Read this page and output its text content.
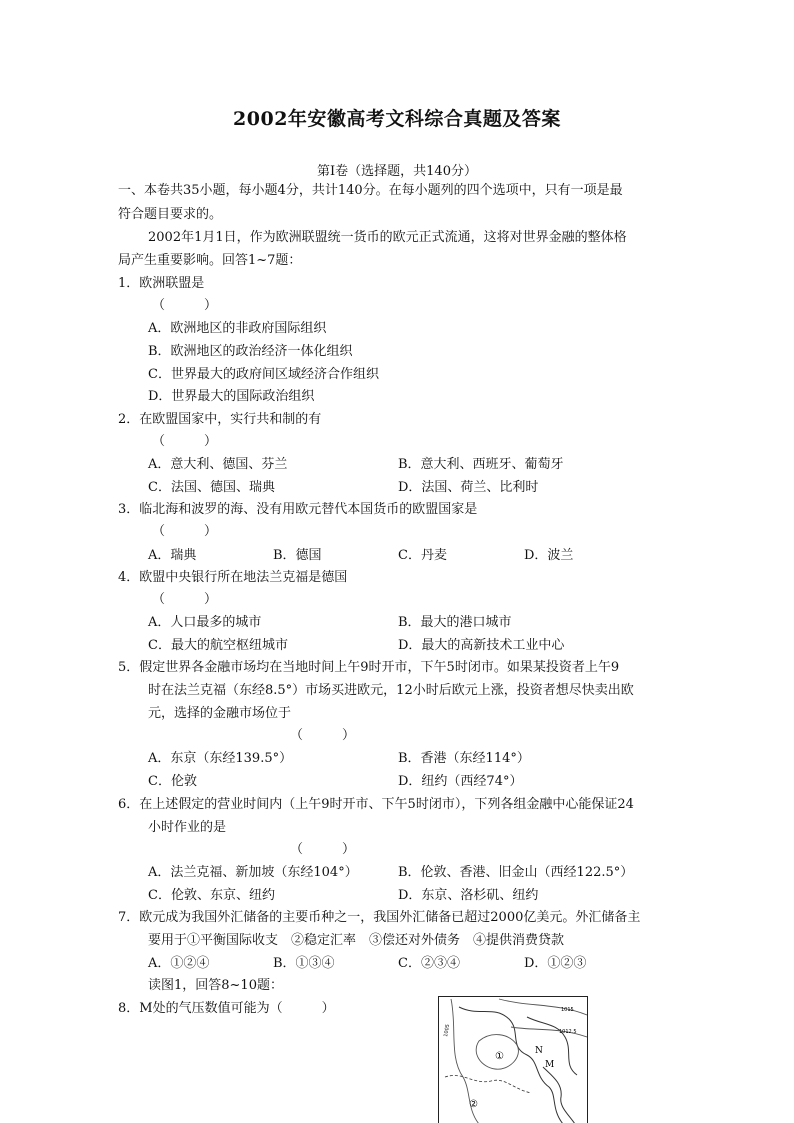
2002年安徽高考文科综合真题及答案
第Ⅰ卷（选择题，共140分）
一、本卷共35小题，每小题4分，共计140分。在每小题列的四个选项中，只有一项是最
符合题目要求的。
2002年1月1日，作为欧洲联盟统一货币的欧元正式流通，这将对世界金融的整体格
局产生重要影响。回答1~7题：
1．欧洲联盟是
（　　　）
A．欧洲地区的非政府国际组织
B．欧洲地区的政治经济一体化组织
C．世界最大的政府间区域经济合作组织
D．世界最大的国际政治组织
2．在欧盟国家中，实行共和制的有
（　　　）
A．意大利、德国、芬兰	B．意大利、西班牙、葡萄牙
C．法国、德国、瑞典	D．法国、荷兰、比利时
3．临北海和波罗的海、没有用欧元替代本国货币的欧盟国家是
（　　　）
A．瑞典	B．德国	C．丹麦	D．波兰
4．欧盟中央银行所在地法兰克福是德国
（　　　）
A．人口最多的城市	B．最大的港口城市
C．最大的航空枢纽城市	D．最大的高新技术工业中心
5．假定世界各金融市场均在当地时间上午9时开市，下午5时闭市。如果某投资者上午9
时在法兰克福（东经8.5°）市场买进欧元，12小时后欧元上涨，投资者想尽快卖出欧
元，选择的金融市场位于
（　　　）
A．东京（东经139.5°）	B．香港（东经114°）
C．伦敦	D．纽约（西经74°）
6．在上述假定的营业时间内（上午9时开市、下午5时闭市），下列各组金融中心能保证24
小时作业的是
（　　　）
A．法兰克福、新加坡（东经104°）	B．伦敦、香港、旧金山（西经122.5°）
C．伦敦、东京、纽约	D．东京、洛杉矶、纽约
7．欧元成为我国外汇储备的主要币种之一，我国外汇储备已超过2000亿美元。外汇储备主
要用于①平衡国际收支　②稳定汇率　③偿还对外债务　④提供消费贷款
A．①②④	B．①③④	C．②③④	D．①②③
读图1，回答8~10题：
8．M处的气压数值可能为（　　　）
①
②
N
M
1012.5
1015
1005
